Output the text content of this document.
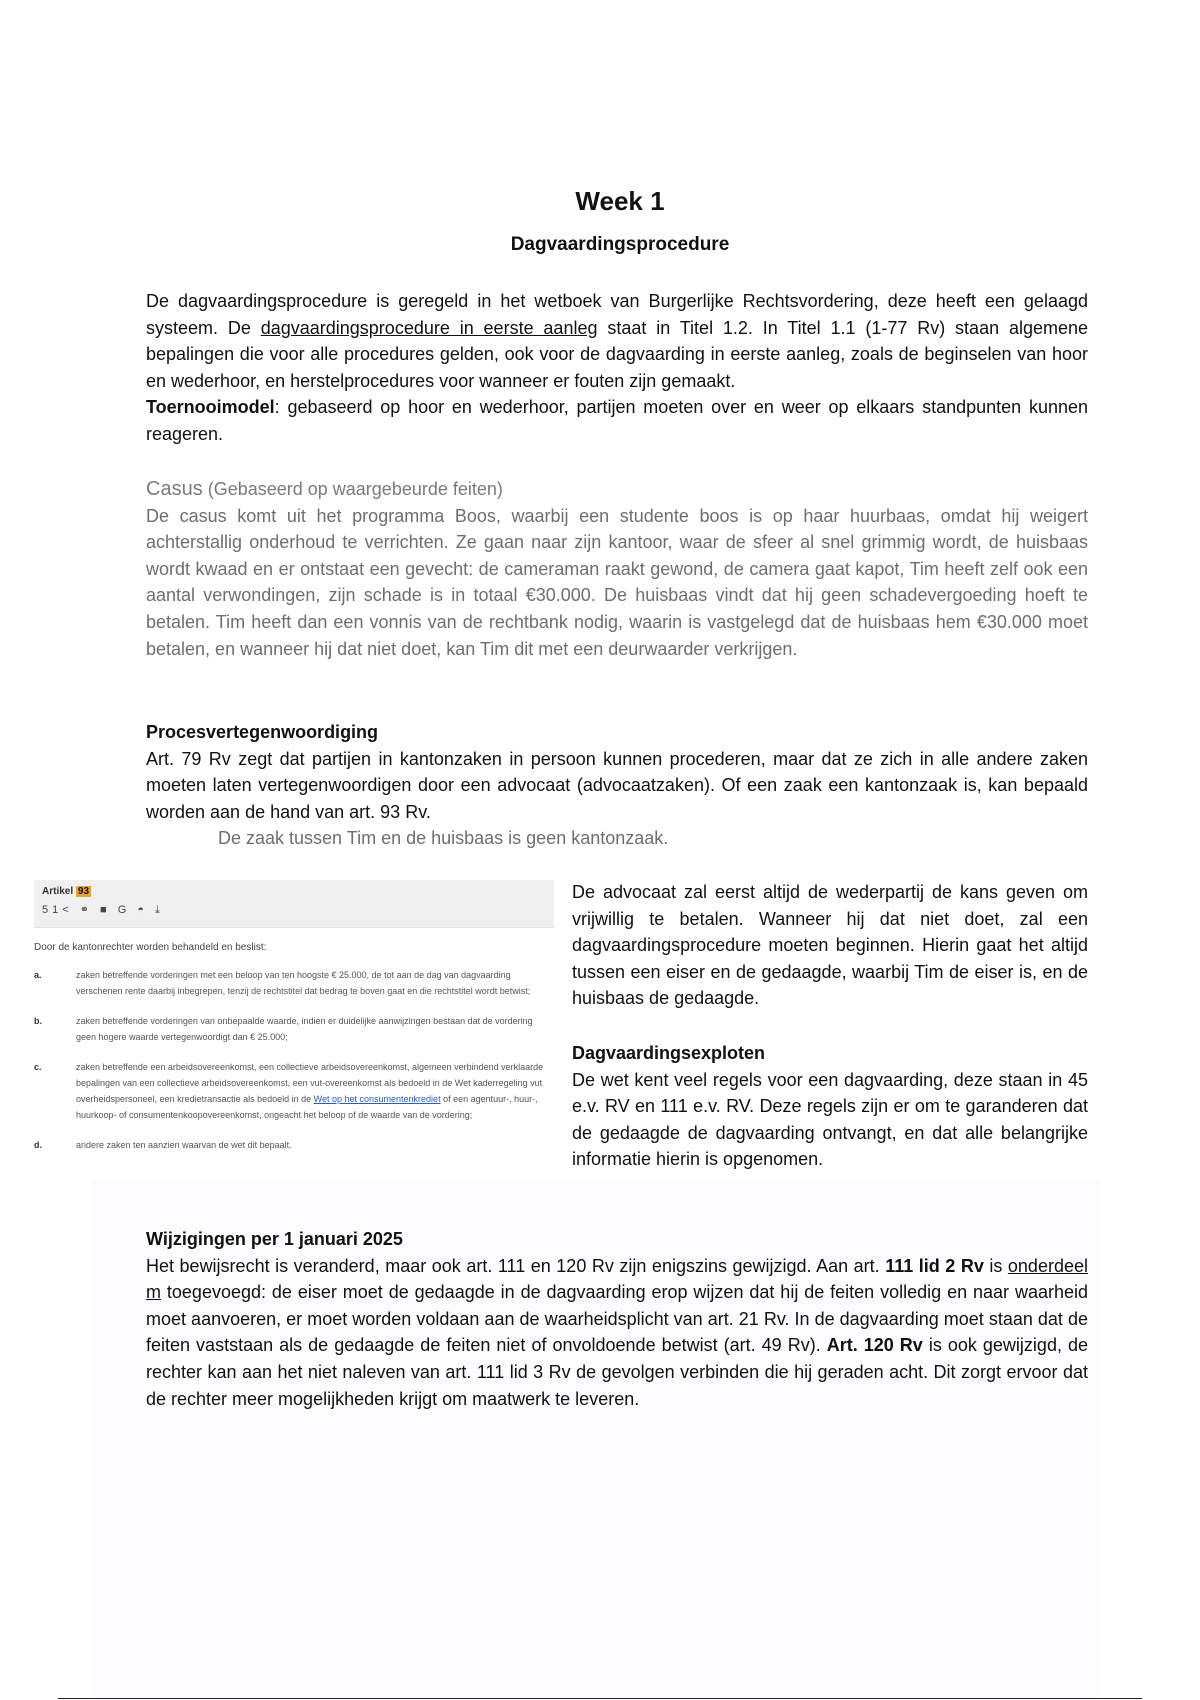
Week 1
Dagvaardingsprocedure

De dagvaardingsprocedure is geregeld in het wetboek van Burgerlijke Rechtsvordering, deze heeft een gelaagd systeem. De dagvaardingsprocedure in eerste aanleg staat in Titel 1.2. In Titel 1.1 (1-77 Rv) staan algemene bepalingen die voor alle procedures gelden, ook voor de dagvaarding in eerste aanleg, zoals de beginselen van hoor en wederhoor, en herstelprocedures voor wanneer er fouten zijn gemaakt.

Toernooimodel: gebaseerd op hoor en wederhoor, partijen moeten over en weer op elkaars standpunten kunnen reageren.

Casus (Gebaseerd op waargebeurde feiten)

De casus komt uit het programma Boos, waarbij een studente boos is op haar huurbaas, omdat hij weigert achterstallig onderhoud te verrichten. Ze gaan naar zijn kantoor, waar de sfeer al snel grimmig wordt, de huisbaas wordt kwaad en er ontstaat een gevecht: de cameraman raakt gewond, de camera gaat kapot, Tim heeft zelf ook een aantal verwondingen, zijn schade is in totaal €30.000. De huisbaas vindt dat hij geen schadevergoeding hoeft te betalen. Tim heeft dan een vonnis van de rechtbank nodig, waarin is vastgelegd dat de huisbaas hem €30.000 moet betalen, en wanneer hij dat niet doet, kan Tim dit met een deurwaarder verkrijgen.

Procesvertegenwoordiging

Art. 79 Rv zegt dat partijen in kantonzaken in persoon kunnen procederen, maar dat ze zich in alle andere zaken moeten laten vertegenwoordigen door een advocaat (advocaatzaken). Of een zaak een kantonzaak is, kan bepaald worden aan de hand van art. 93 Rv.

De zaak tussen Tim en de huisbaas is geen kantonzaak.

Artikel 93
51< ⚭ ■ G ◓ ⤓
Door de kantonrechter worden behandeld en beslist:
a.	zaken betreffende vorderingen met een beloop van ten hoogste € 25.000, de tot aan de dag van dagvaarding verschenen rente daarbij inbegrepen, tenzij de rechtstitel dat bedrag te boven gaat en die rechtstitel wordt betwist;
b.	zaken betreffende vorderingen van onbepaalde waarde, indien er duidelijke aanwijzingen bestaan dat de vordering geen hogere waarde vertegenwoordigt dan € 25.000;
c.	zaken betreffende een arbeidsovereenkomst, een collectieve arbeidsovereenkomst, algemeen verbindend verklaarde bepalingen van een collectieve arbeidsovereenkomst, een vut-overeenkomst als bedoeld in de Wet kaderregeling vut overheidspersoneel, een kredietransactie als bedoeld in de Wet op het consumentenkrediet of een agentuur-, huur-, huurkoop- of consumentenkoopovereenkomst, ongeacht het beloop of de waarde van de vordering;
d.	andere zaken ten aanzien waarvan de wet dit bepaalt.

De advocaat zal eerst altijd de wederpartij de kans geven om vrijwillig te betalen. Wanneer hij dat niet doet, zal een dagvaardingsprocedure moeten beginnen. Hierin gaat het altijd tussen een eiser en de gedaagde, waarbij Tim de eiser is, en de huisbaas de gedaagde.

Dagvaardingsexploten

De wet kent veel regels voor een dagvaarding, deze staan in 45 e.v. RV en 111 e.v. RV. Deze regels zijn er om te garanderen dat de gedaagde de dagvaarding ontvangt, en dat alle belangrijke informatie hierin is opgenomen.

Wijzigingen per 1 januari 2025

Het bewijsrecht is veranderd, maar ook art. 111 en 120 Rv zijn enigszins gewijzigd. Aan art. 111 lid 2 Rv is onderdeel m toegevoegd: de eiser moet de gedaagde in de dagvaarding erop wijzen dat hij de feiten volledig en naar waarheid moet aanvoeren, er moet worden voldaan aan de waarheidsplicht van art. 21 Rv. In de dagvaarding moet staan dat de feiten vaststaan als de gedaagde de feiten niet of onvoldoende betwist (art. 49 Rv). Art. 120 Rv is ook gewijzigd, de rechter kan aan het niet naleven van art. 111 lid 3 Rv de gevolgen verbinden die hij geraden acht. Dit zorgt ervoor dat de rechter meer mogelijkheden krijgt om maatwerk te leveren.
